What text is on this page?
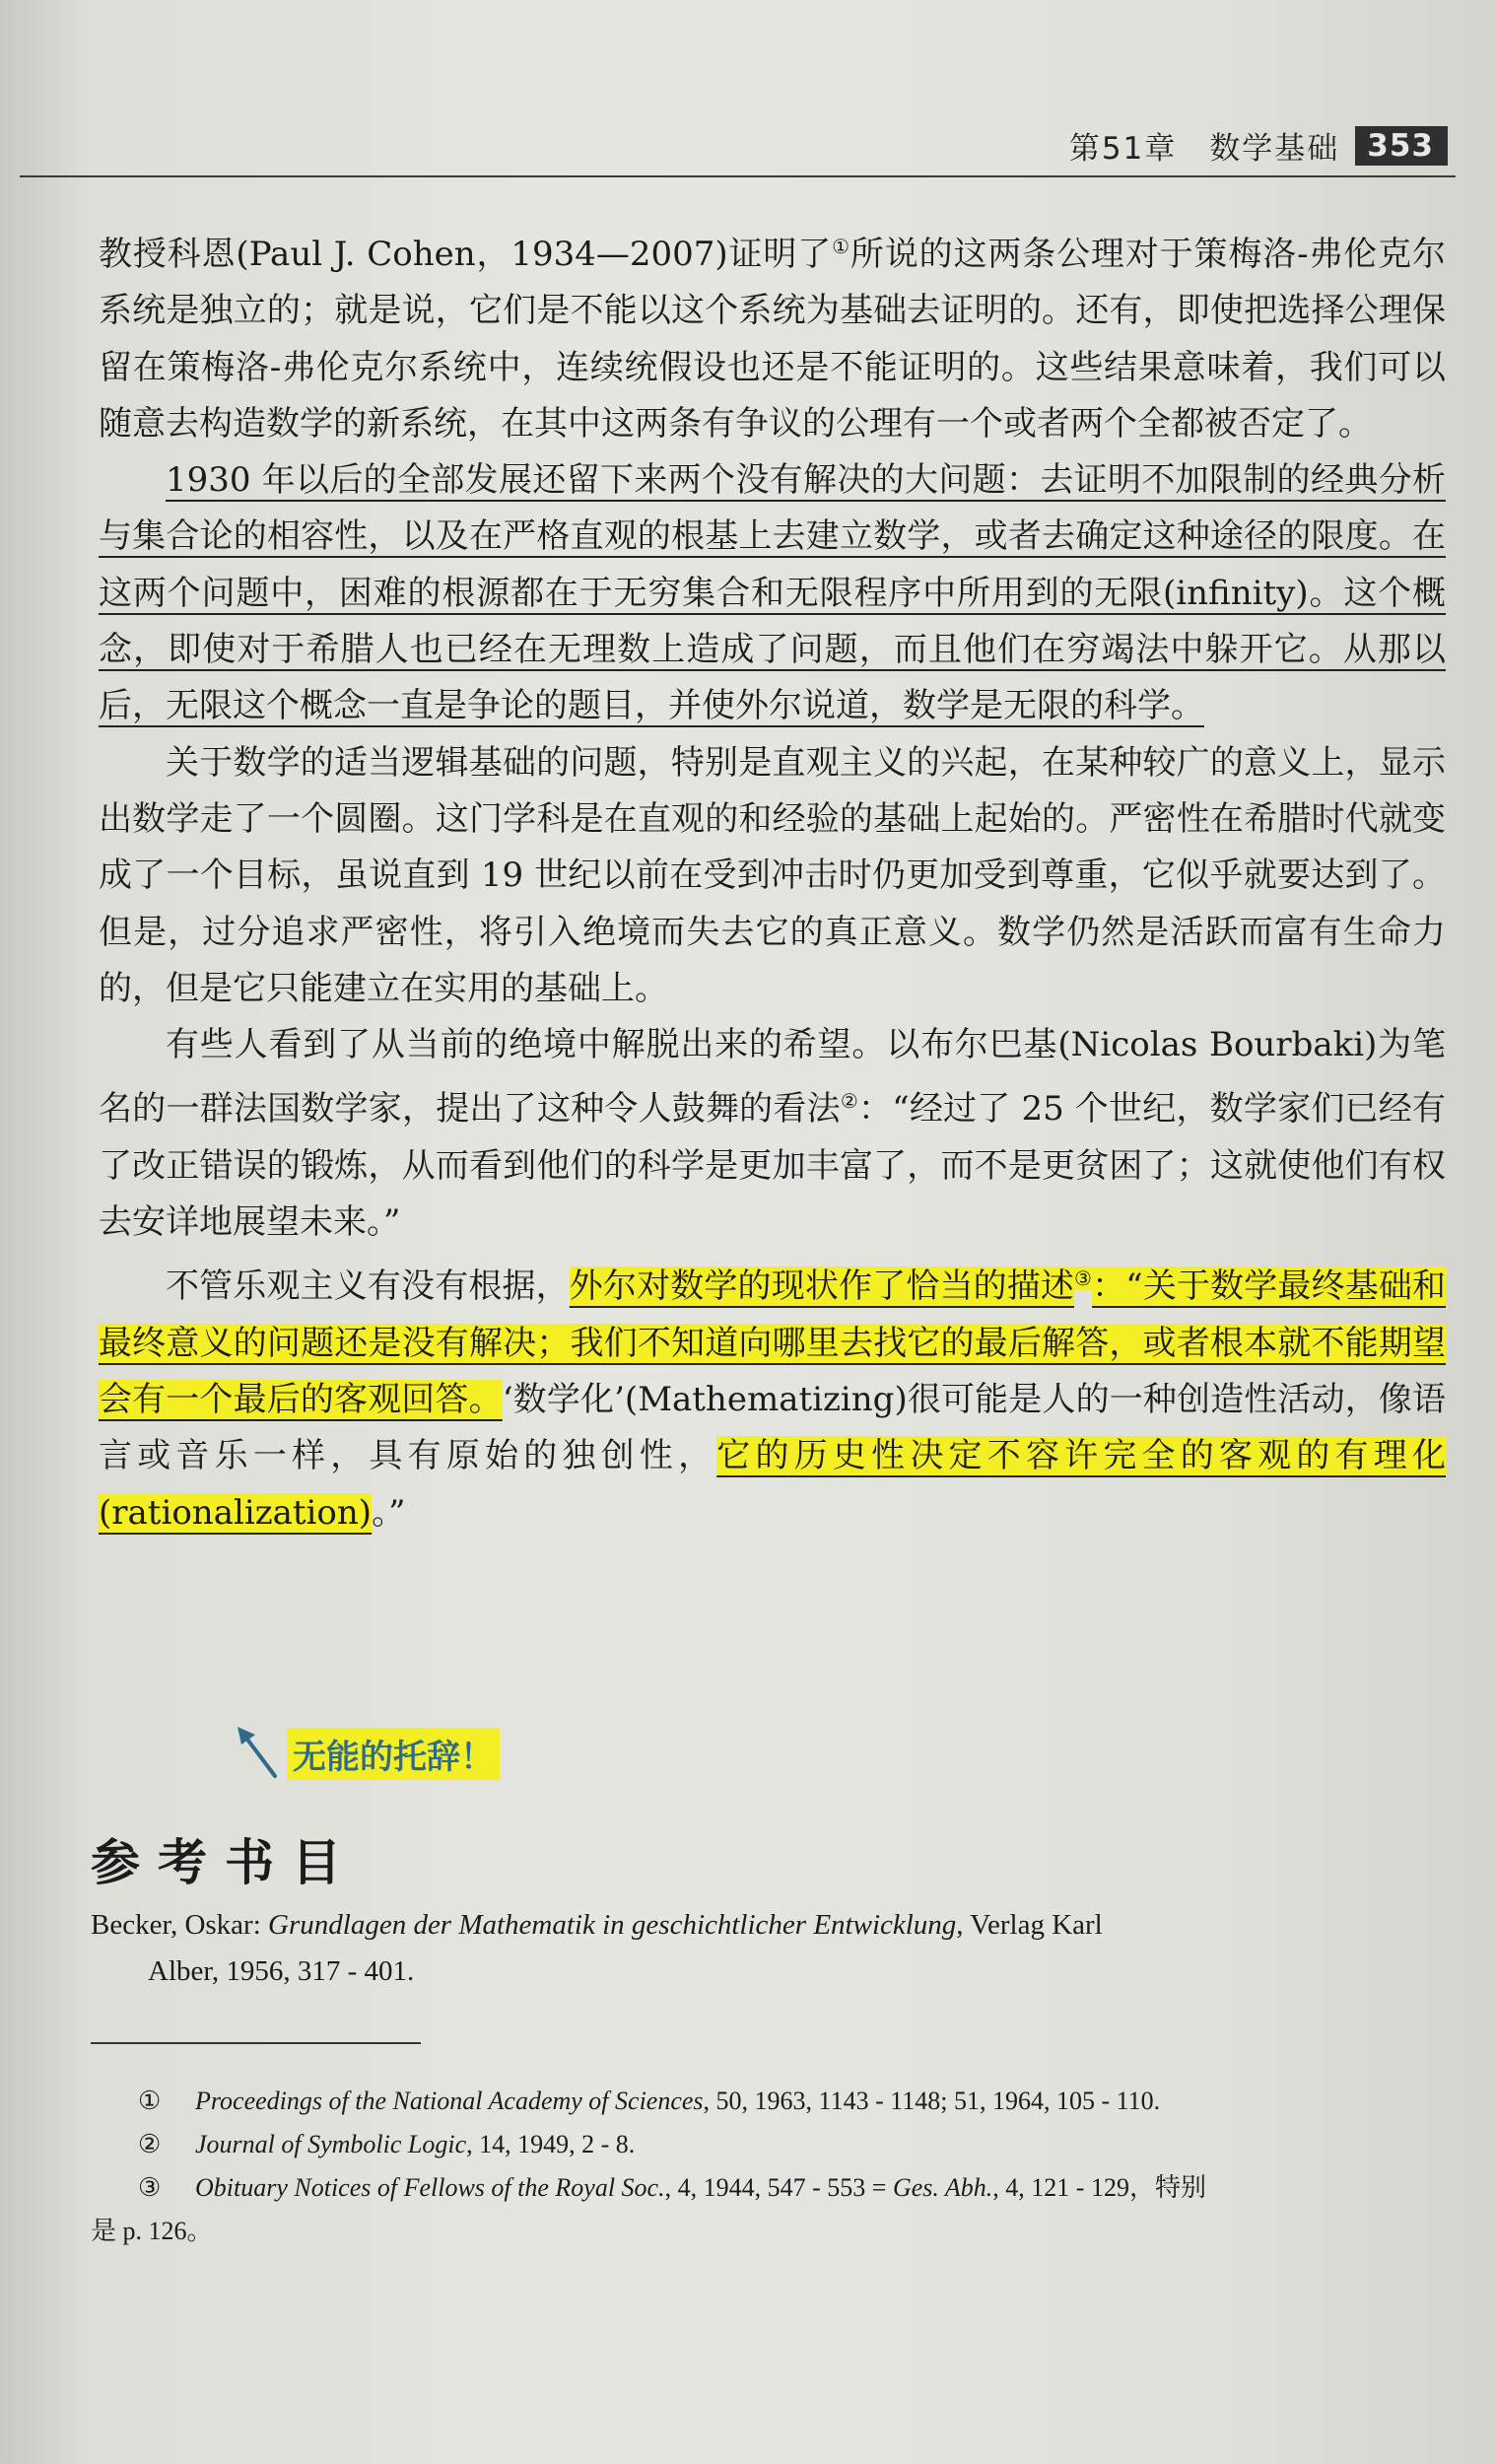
第51章　数学基础 353

教授科恩(Paul J. Cohen，1934—2007)证明了①所说的这两条公理对于策梅洛-弗伦克尔系统是独立的；就是说，它们是不能以这个系统为基础去证明的。还有，即使把选择公理保留在策梅洛-弗伦克尔系统中，连续统假设也还是不能证明的。这些结果意味着，我们可以随意去构造数学的新系统，在其中这两条有争议的公理有一个或者两个全都被否定了。

1930 年以后的全部发展还留下来两个没有解决的大问题：去证明不加限制的经典分析与集合论的相容性，以及在严格直观的根基上去建立数学，或者去确定这种途径的限度。在这两个问题中，困难的根源都在于无穷集合和无限程序中所用到的无限(infinity)。这个概念，即使对于希腊人也已经在无理数上造成了问题，而且他们在穷竭法中躲开它。从那以后，无限这个概念一直是争论的题目，并使外尔说道，数学是无限的科学。

关于数学的适当逻辑基础的问题，特别是直观主义的兴起，在某种较广的意义上，显示出数学走了一个圆圈。这门学科是在直观的和经验的基础上起始的。严密性在希腊时代就变成了一个目标，虽说直到 19 世纪以前在受到冲击时仍更加受到尊重，它似乎就要达到了。但是，过分追求严密性，将引入绝境而失去它的真正意义。数学仍然是活跃而富有生命力的，但是它只能建立在实用的基础上。

有些人看到了从当前的绝境中解脱出来的希望。以布尔巴基(Nicolas Bourbaki)为笔名的一群法国数学家，提出了这种令人鼓舞的看法②：“经过了 25 个世纪，数学家们已经有了改正错误的锻炼，从而看到他们的科学是更加丰富了，而不是更贫困了；这就使他们有权去安详地展望未来。”

不管乐观主义有没有根据，外尔对数学的现状作了恰当的描述③：“关于数学最终基础和最终意义的问题还是没有解决；我们不知道向哪里去找它的最后解答，或者根本就不能期望会有一个最后的客观回答。‘数学化’(Mathematizing)很可能是人的一种创造性活动，像语言或音乐一样，具有原始的独创性，它的历史性决定不容许完全的客观的有理化(rationalization)。”

无能的托辞！
参考书目
Becker, Oskar: Grundlagen der Mathematik in geschichtlicher Entwicklung, Verlag Karl
Alber, 1956, 317 - 401.
①	Proceedings of the National Academy of Sciences, 50, 1963, 1143 - 1148; 51, 1964, 105 - 110.
②	Journal of Symbolic Logic, 14, 1949, 2 - 8.
③	Obituary Notices of Fellows of the Royal Soc., 4, 1944, 547 - 553 = Ges. Abh., 4, 121 - 129，特别
是 p. 126。
